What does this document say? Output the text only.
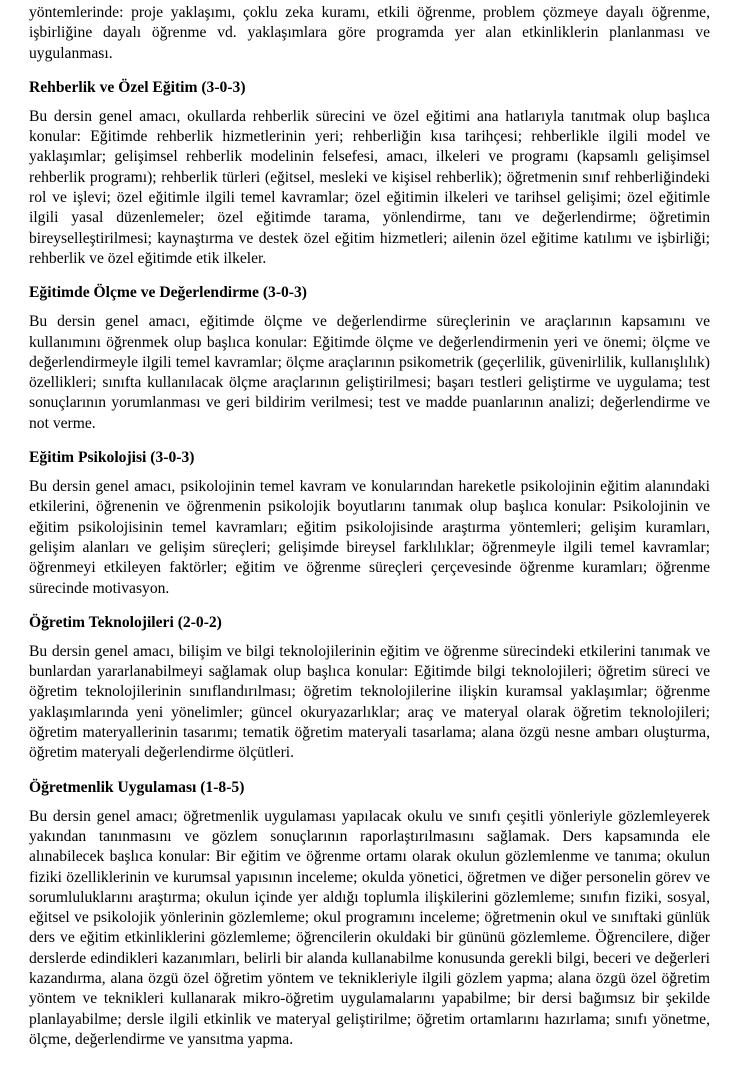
yöntemlerinde: proje yaklaşımı, çoklu zeka kuramı, etkili öğrenme, problem çözmeye dayalı öğrenme, işbirliğine dayalı öğrenme vd. yaklaşımlara göre programda yer alan etkinliklerin planlanması ve uygulanması.

Rehberlik ve Özel Eğitim (3-0-3)

Bu dersin genel amacı, okullarda rehberlik sürecini ve özel eğitimi ana hatlarıyla tanıtmak olup başlıca konular: Eğitimde rehberlik hizmetlerinin yeri; rehberliğin kısa tarihçesi; rehberlikle ilgili model ve yaklaşımlar; gelişimsel rehberlik modelinin felsefesi, amacı, ilkeleri ve programı (kapsamlı gelişimsel rehberlik programı); rehberlik türleri (eğitsel, mesleki ve kişisel rehberlik); öğretmenin sınıf rehberliğindeki rol ve işlevi; özel eğitimle ilgili temel kavramlar; özel eğitimin ilkeleri ve tarihsel gelişimi; özel eğitimle ilgili yasal düzenlemeler; özel eğitimde tarama, yönlendirme, tanı ve değerlendirme; öğretimin bireyselleştirilmesi; kaynaştırma ve destek özel eğitim hizmetleri; ailenin özel eğitime katılımı ve işbirliği; rehberlik ve özel eğitimde etik ilkeler.

Eğitimde Ölçme ve Değerlendirme (3-0-3)

Bu dersin genel amacı, eğitimde ölçme ve değerlendirme süreçlerinin ve araçlarının kapsamını ve kullanımını öğrenmek olup başlıca konular: Eğitimde ölçme ve değerlendirmenin yeri ve önemi; ölçme ve değerlendirmeyle ilgili temel kavramlar; ölçme araçlarının psikometrik (geçerlilik, güvenirlilik, kullanışlılık) özellikleri; sınıfta kullanılacak ölçme araçlarının geliştirilmesi; başarı testleri geliştirme ve uygulama; test sonuçlarının yorumlanması ve geri bildirim verilmesi; test ve madde puanlarının analizi; değerlendirme ve not verme.

Eğitim Psikolojisi (3-0-3)

Bu dersin genel amacı, psikolojinin temel kavram ve konularından hareketle psikolojinin eğitim alanındaki etkilerini, öğrenenin ve öğrenmenin psikolojik boyutlarını tanımak olup başlıca konular: Psikolojinin ve eğitim psikolojisinin temel kavramları; eğitim psikolojisinde araştırma yöntemleri; gelişim kuramları, gelişim alanları ve gelişim süreçleri; gelişimde bireysel farklılıklar; öğrenmeyle ilgili temel kavramlar; öğrenmeyi etkileyen faktörler; eğitim ve öğrenme süreçleri çerçevesinde öğrenme kuramları; öğrenme sürecinde motivasyon.

Öğretim Teknolojileri (2-0-2)

Bu dersin genel amacı, bilişim ve bilgi teknolojilerinin eğitim ve öğrenme sürecindeki etkilerini tanımak ve bunlardan yararlanabilmeyi sağlamak olup başlıca konular: Eğitimde bilgi teknolojileri; öğretim süreci ve öğretim teknolojilerinin sınıflandırılması; öğretim teknolojilerine ilişkin kuramsal yaklaşımlar; öğrenme yaklaşımlarında yeni yönelimler; güncel okuryazarlıklar; araç ve materyal olarak öğretim teknolojileri; öğretim materyallerinin tasarımı; tematik öğretim materyali tasarlama; alana özgü nesne ambarı oluşturma, öğretim materyali değerlendirme ölçütleri.

Öğretmenlik Uygulaması (1-8-5)

Bu dersin genel amacı; öğretmenlik uygulaması yapılacak okulu ve sınıfı çeşitli yönleriyle gözlemleyerek yakından tanınmasını ve gözlem sonuçlarının raporlaştırılmasını sağlamak. Ders kapsamında ele alınabilecek başlıca konular: Bir eğitim ve öğrenme ortamı olarak okulun gözlemlenme ve tanıma; okulun fiziki özelliklerinin ve kurumsal yapısının inceleme; okulda yönetici, öğretmen ve diğer personelin görev ve sorumluluklarını araştırma; okulun içinde yer aldığı toplumla ilişkilerini gözlemleme; sınıfın fiziki, sosyal, eğitsel ve psikolojik yönlerinin gözlemleme; okul programını inceleme; öğretmenin okul ve sınıftaki günlük ders ve eğitim etkinliklerini gözlemleme; öğrencilerin okuldaki bir gününü gözlemleme. Öğrencilere, diğer derslerde edindikleri kazanımları, belirli bir alanda kullanabilme konusunda gerekli bilgi, beceri ve değerleri kazandırma, alana özgü özel öğretim yöntem ve teknikleriyle ilgili gözlem yapma; alana özgü özel öğretim yöntem ve teknikleri kullanarak mikro-öğretim uygulamalarını yapabilme; bir dersi bağımsız bir şekilde planlayabilme; dersle ilgili etkinlik ve materyal geliştirilme; öğretim ortamlarını hazırlama; sınıfı yönetme, ölçme, değerlendirme ve yansıtma yapma.
